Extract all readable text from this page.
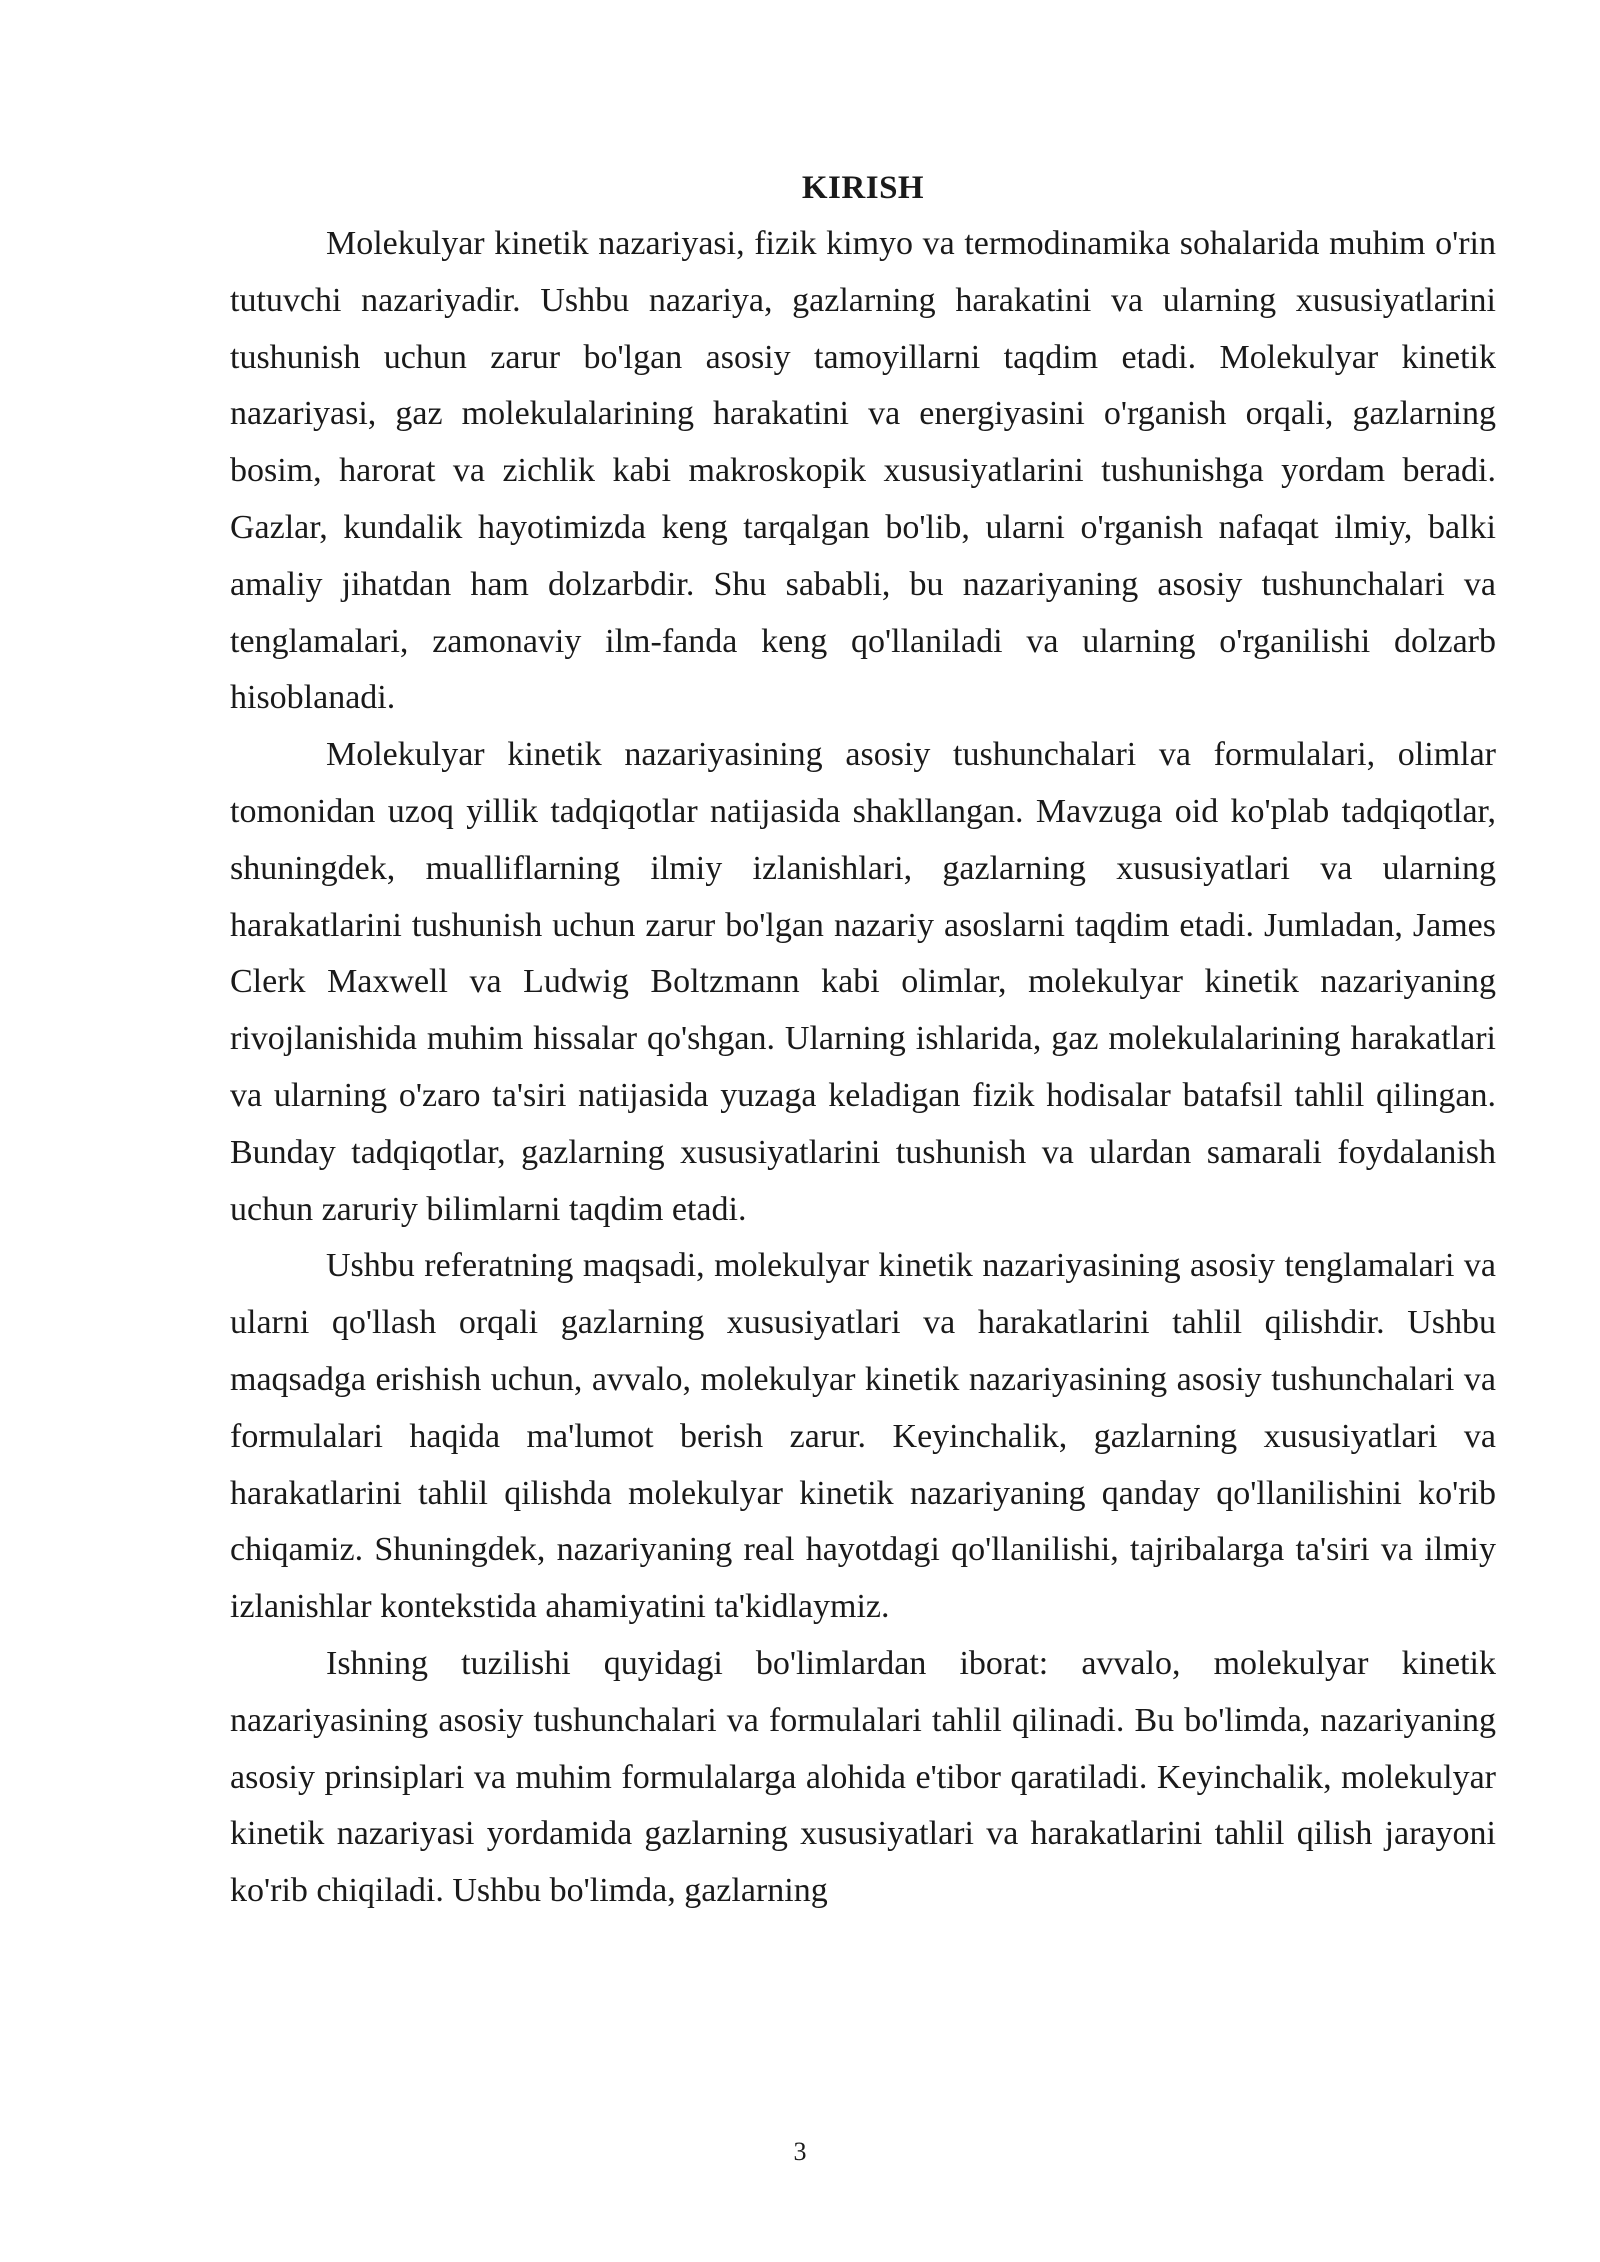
KIRISH

Molekulyar kinetik nazariyasi, fizik kimyo va termodinamika sohalarida muhim o'rin tutuvchi nazariyadir. Ushbu nazariya, gazlarning harakatini va ularning xususiyatlarini tushunish uchun zarur bo'lgan asosiy tamoyillarni taqdim etadi. Molekulyar kinetik nazariyasi, gaz molekulalarining harakatini va energiyasini o'rganish orqali, gazlarning bosim, harorat va zichlik kabi makroskopik xususiyatlarini tushunishga yordam beradi. Gazlar, kundalik hayotimizda keng tarqalgan bo'lib, ularni o'rganish nafaqat ilmiy, balki amaliy jihatdan ham dolzarbdir. Shu sababli, bu nazariyaning asosiy tushunchalari va tenglamalari, zamonaviy ilm-fanda keng qo'llaniladi va ularning o'rganilishi dolzarb hisoblanadi.

Molekulyar kinetik nazariyasining asosiy tushunchalari va formulalari, olimlar tomonidan uzoq yillik tadqiqotlar natijasida shakllangan. Mavzuga oid ko'plab tadqiqotlar, shuningdek, mualliflarning ilmiy izlanishlari, gazlarning xususiyatlari va ularning harakatlarini tushunish uchun zarur bo'lgan nazariy asoslarni taqdim etadi. Jumladan, James Clerk Maxwell va Ludwig Boltzmann kabi olimlar, molekulyar kinetik nazariyaning rivojlanishida muhim hissalar qo'shgan. Ularning ishlarida, gaz molekulalarining harakatlari va ularning o'zaro ta'siri natijasida yuzaga keladigan fizik hodisalar batafsil tahlil qilingan. Bunday tadqiqotlar, gazlarning xususiyatlarini tushunish va ulardan samarali foydalanish uchun zaruriy bilimlarni taqdim etadi.

Ushbu referatning maqsadi, molekulyar kinetik nazariyasining asosiy tenglamalari va ularni qo'llash orqali gazlarning xususiyatlari va harakatlarini tahlil qilishdir. Ushbu maqsadga erishish uchun, avvalo, molekulyar kinetik nazariyasining asosiy tushunchalari va formulalari haqida ma'lumot berish zarur. Keyinchalik, gazlarning xususiyatlari va harakatlarini tahlil qilishda molekulyar kinetik nazariyaning qanday qo'llanilishini ko'rib chiqamiz. Shuningdek, nazariyaning real hayotdagi qo'llanilishi, tajribalarga ta'siri va ilmiy izlanishlar kontekstida ahamiyatini ta'kidlaymiz.

Ishning tuzilishi quyidagi bo'limlardan iborat: avvalo, molekulyar kinetik nazariyasining asosiy tushunchalari va formulalari tahlil qilinadi. Bu bo'limda, nazariyaning asosiy prinsiplari va muhim formulalarga alohida e'tibor qaratiladi. Keyinchalik, molekulyar kinetik nazariyasi yordamida gazlarning xususiyatlari va harakatlarini tahlil qilish jarayoni ko'rib chiqiladi. Ushbu bo'limda, gazlarning

3
